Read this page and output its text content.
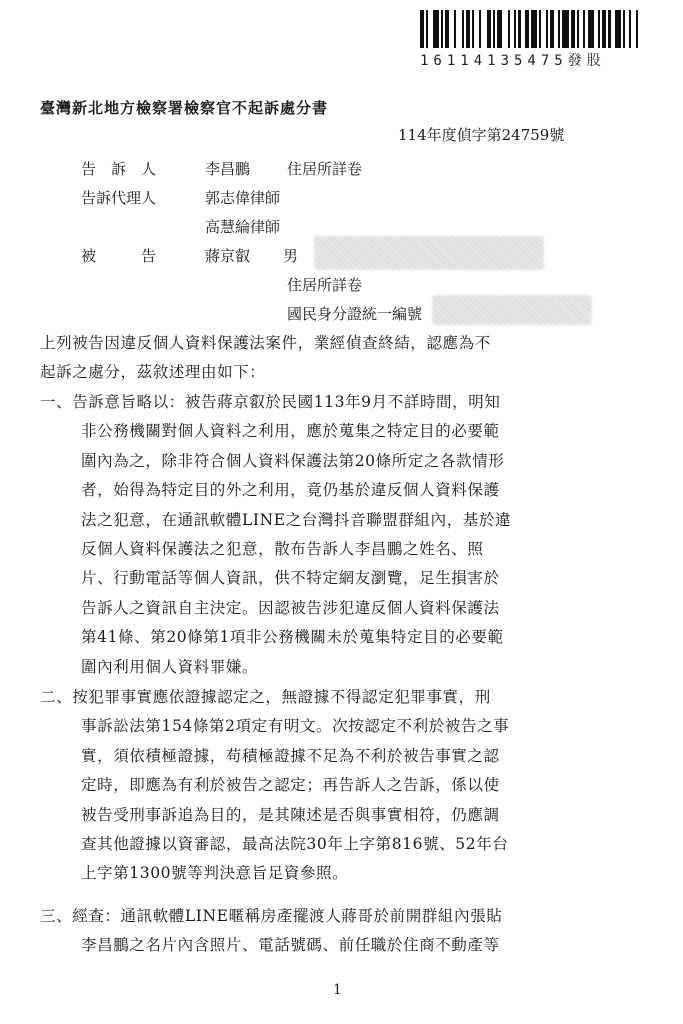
16114135475發股
臺灣新北地方檢察署檢察官不起訴處分書
114年度偵字第24759號
告　訴　人	李昌鵬 住居所詳卷
告訴代理人	郭志偉律師
高慧綸律師
被　　　告	蔣京叡 男
住居所詳卷
國民身分證統一編號
上列被告因違反個人資料保護法案件，業經偵查終結，認應為不
起訴之處分，茲敘述理由如下：
一、告訴意旨略以：被告蔣京叡於民國113年9月不詳時間，明知
非公務機關對個人資料之利用，應於蒐集之特定目的必要範
圍內為之，除非符合個人資料保護法第20條所定之各款情形
者，始得為特定目的外之利用，竟仍基於違反個人資料保護
法之犯意，在通訊軟體LINE之台灣抖音聯盟群組內，基於違
反個人資料保護法之犯意，散布告訴人李昌鵬之姓名、照
片、行動電話等個人資訊，供不特定網友瀏覽，足生損害於
告訴人之資訊自主決定。因認被告涉犯違反個人資料保護法
第41條、第20條第1項非公務機關未於蒐集特定目的必要範
圍內利用個人資料罪嫌。
二、按犯罪事實應依證據認定之，無證據不得認定犯罪事實，刑
事訴訟法第154條第2項定有明文。次按認定不利於被告之事
實，須依積極證據，苟積極證據不足為不利於被告事實之認
定時，即應為有利於被告之認定；再告訴人之告訴，係以使
被告受刑事訴追為目的，是其陳述是否與事實相符，仍應調
查其他證據以資審認，最高法院30年上字第816號、52年台
上字第1300號等判決意旨足資參照。
三、經查：通訊軟體LINE暱稱房產擺渡人蔣哥於前開群組內張貼
李昌鵬之名片內含照片、電話號碼、前任職於住商不動產等
1
